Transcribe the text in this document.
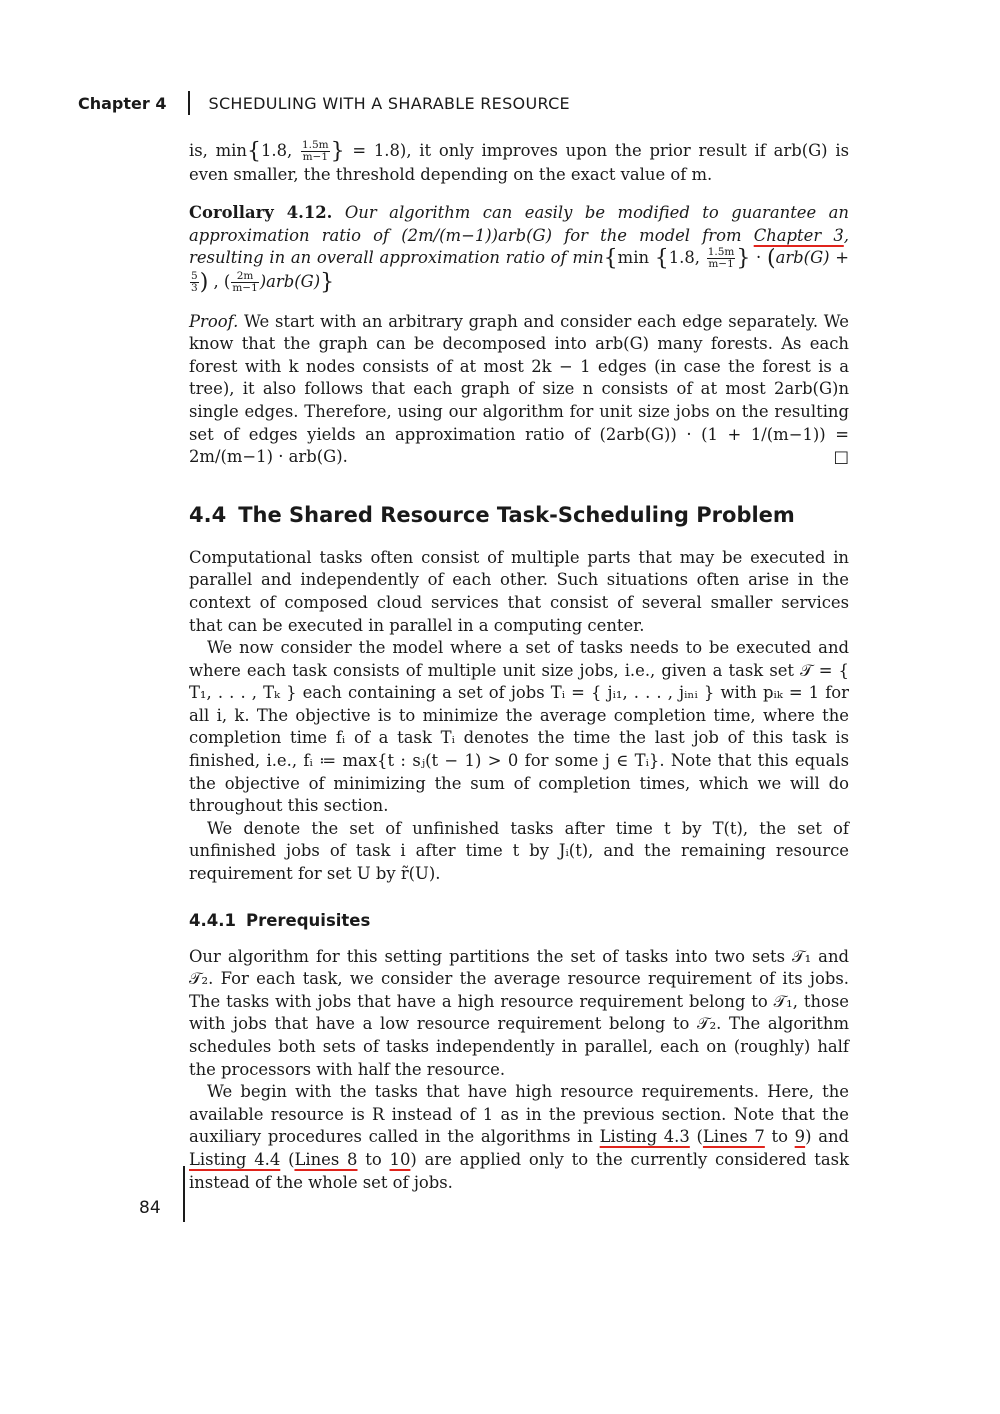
Chapter 4	SCHEDULING WITH A SHARABLE RESOURCE

is, min{1.8, $\frac{1.5m}{m-1}$ } = 1.8), it only improves upon the prior result if arb(G) is even smaller, the threshold depending on the exact value of m.

Corollary 4.12. Our algorithm can easily be modified to guarantee an approximation ratio of (2m/(m−1))arb(G) for the model from Chapter 3, resulting in an overall approximation ratio of min{min {1.8, $\frac{1.5m}{m-1}$ } · (arb(G) +
$\frac{5}{3}$ ) , ( $\frac{2m}{m-1} )arb(G)$}

Proof. We start with an arbitrary graph and consider each edge separately. We know that the graph can be decomposed into arb(G) many forests. As each forest with k nodes consists of at most 2k − 1 edges (in case the forest is a tree), it also follows that each graph of size n consists of at most 2arb(G)n single edges. Therefore, using our algorithm for unit size jobs on the resulting set of edges yields an approximation ratio of (2arb(G)) · (1 + 1/(m−1)) = 2m/(m−1) · arb(G).	□

4.4 The Shared Resource Task-Scheduling Problem

Computational tasks often consist of multiple parts that may be executed in parallel and independently of each other. Such situations often arise in the context of composed cloud services that consist of several smaller services that can be executed in parallel in a computing center.

We now consider the model where a set of tasks needs to be executed and where each task consists of multiple unit size jobs, i.e., given a task set 𝒯 = { T₁, . . . , Tₖ } each containing a set of jobs Tᵢ = { jᵢ₁, . . . , jᵢₙᵢ } with pᵢₖ = 1 for all i, k. The objective is to minimize the average completion time, where the completion time fᵢ of a task Tᵢ denotes the time the last job of this task is finished, i.e., fᵢ ≔ max{t : sⱼ(t − 1) > 0 for some j ∈ Tᵢ}. Note that this equals the objective of minimizing the sum of completion times, which we will do throughout this section.

We denote the set of unfinished tasks after time t by T(t), the set of unfinished jobs of task i after time t by Jᵢ(t), and the remaining resource requirement for set U by r̃(U).

4.4.1 Prerequisites

Our algorithm for this setting partitions the set of tasks into two sets 𝒯₁ and 𝒯₂. For each task, we consider the average resource requirement of its jobs. The tasks with jobs that have a high resource requirement belong to 𝒯₁, those with jobs that have a low resource requirement belong to 𝒯₂. The algorithm schedules both sets of tasks independently in parallel, each on (roughly) half the processors with half the resource.

We begin with the tasks that have high resource requirements. Here, the available resource is R instead of 1 as in the previous section. Note that the auxiliary procedures called in the algorithms in Listing 4.3 (Lines 7 to 9) and Listing 4.4 (Lines 8 to 10) are applied only to the currently considered task instead of the whole set of jobs.

84
